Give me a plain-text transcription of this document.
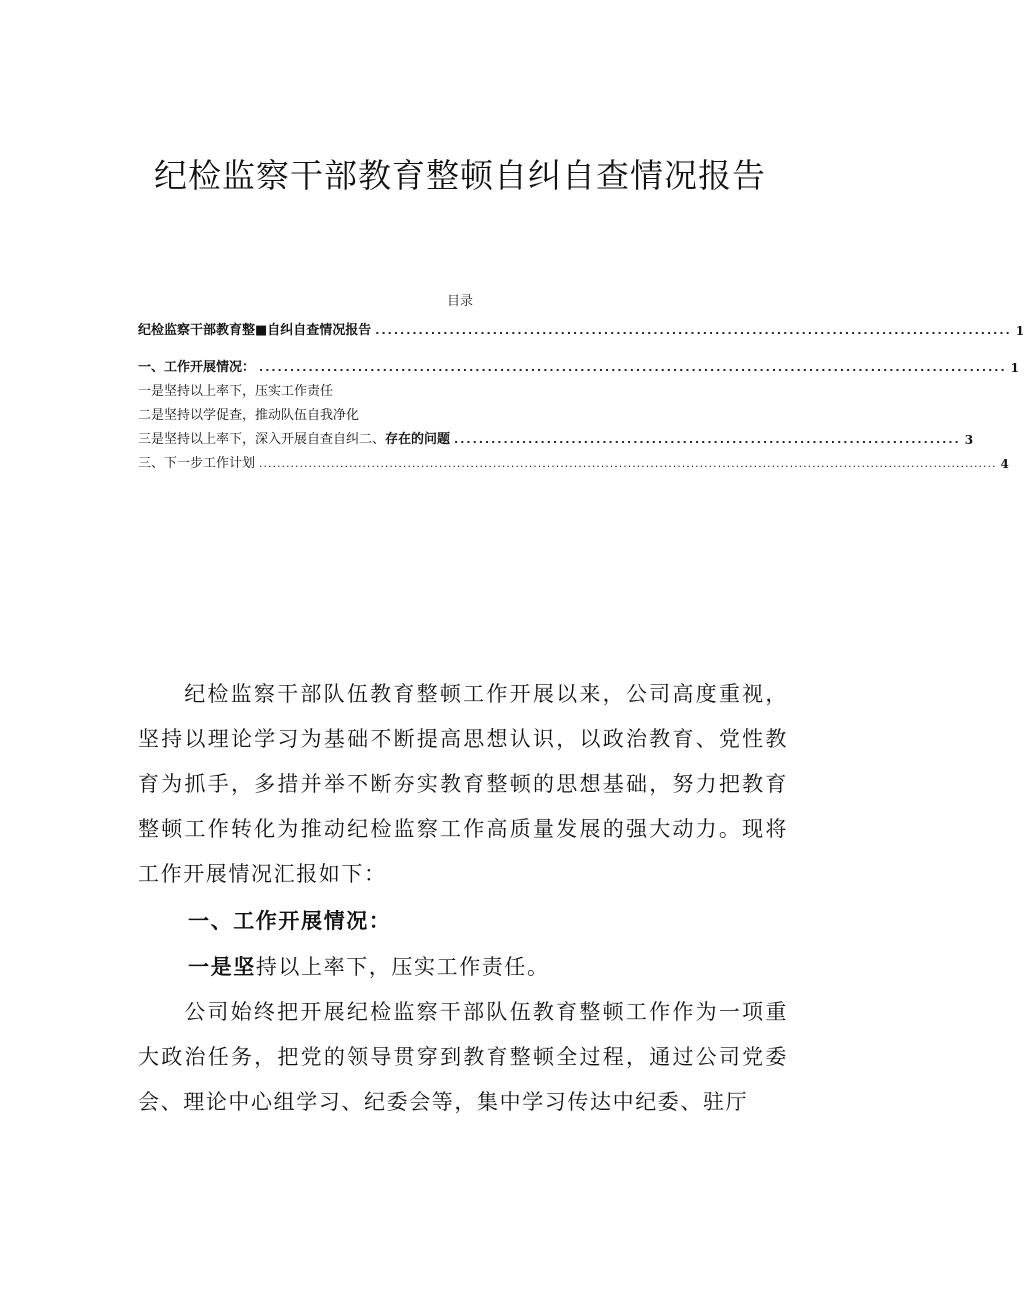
纪检监察干部教育整顿自纠自查情况报告
目录
纪检监察干部教育整■自纠自查情况报告 ....................................................................................................... 1
一、工作开展情况： ......................................................................................................................... 1
一是坚持以上率下，压实工作责任
二是坚持以学促查，推动队伍自我净化
三是坚持以上率下，深入开展自查自纠二、存在的问题 .................................................................................. 3
三、下一步工作计划 .................................................................................................................................................................... 4

纪检监察干部队伍教育整顿工作开展以来，公司高度重视，坚持以理论学习为基础不断提高思想认识，以政治教育、党性教育为抓手，多措并举不断夯实教育整顿的思想基础，努力把教育整顿工作转化为推动纪检监察工作高质量发展的强大动力。现将工作开展情况汇报如下：

一、工作开展情况：
一是坚持以上率下，压实工作责任。

公司始终把开展纪检监察干部队伍教育整顿工作作为一项重大政治任务，把党的领导贯穿到教育整顿全过程，通过公司党委会、理论中心组学习、纪委会等，集中学习传达中纪委、驻厅
